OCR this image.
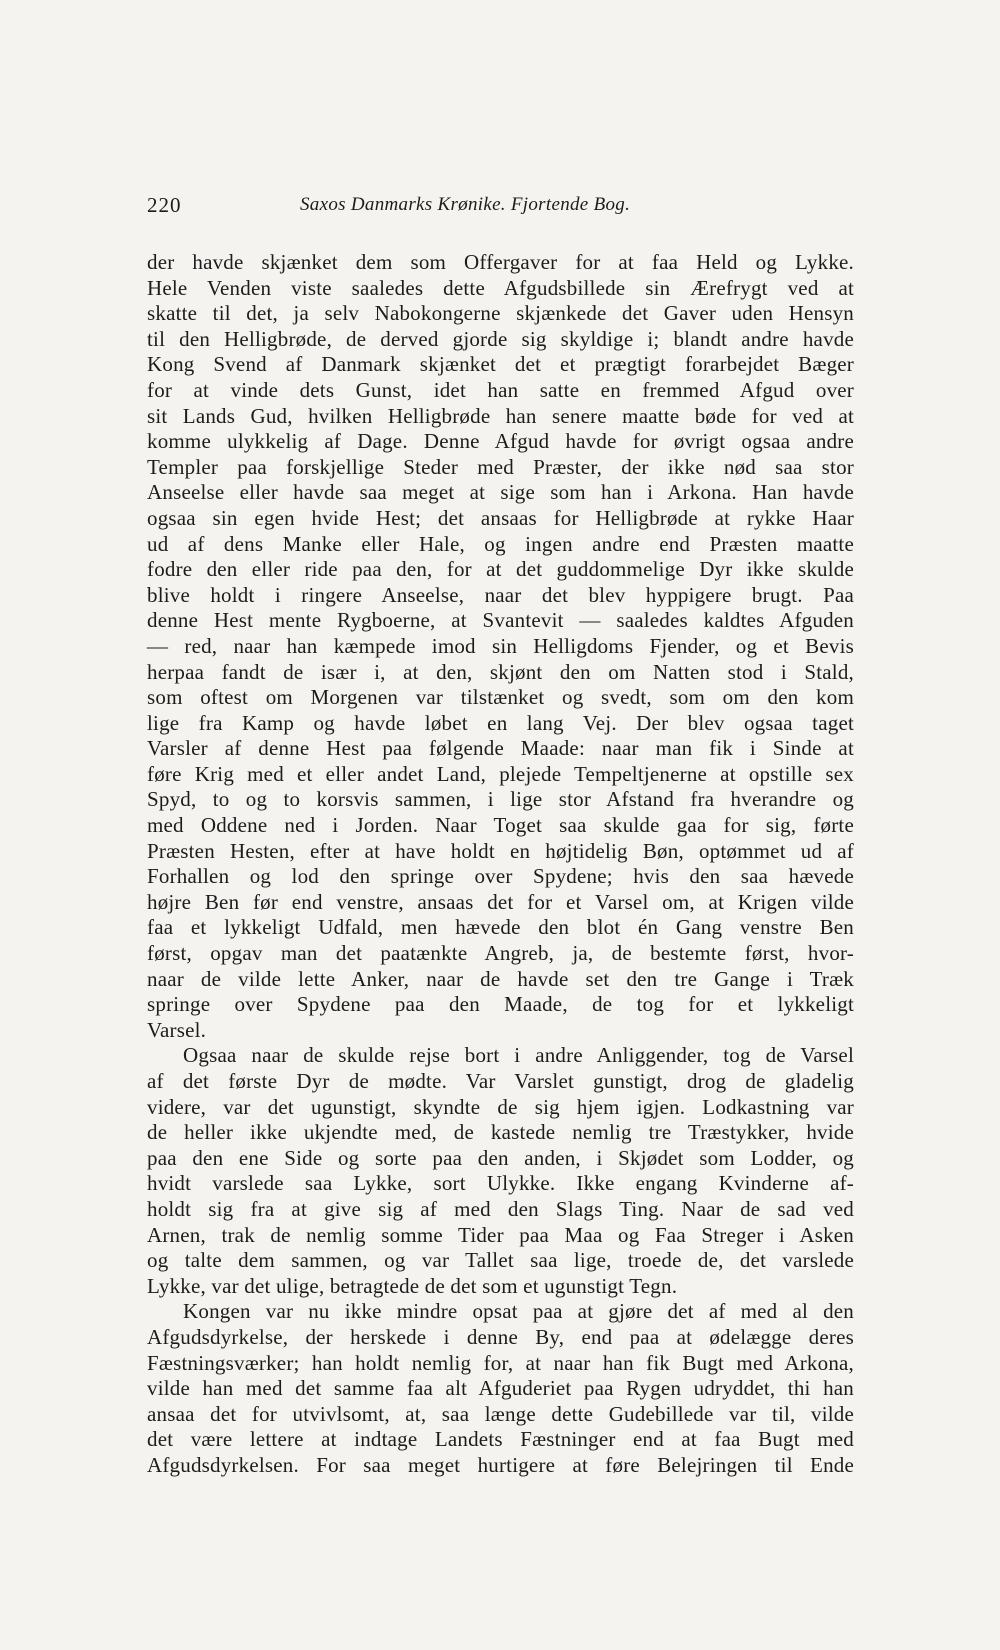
220	Saxos Danmarks Krønike. Fjortende Bog.
der havde skjænket dem som Offergaver for at faa Held og Lykke.
Hele Venden viste saaledes dette Afgudsbillede sin Ærefrygt ved at
skatte til det, ja selv Nabokongerne skjænkede det Gaver uden Hensyn
til den Helligbrøde, de derved gjorde sig skyldige i; blandt andre havde
Kong Svend af Danmark skjænket det et prægtigt forarbejdet Bæger
for at vinde dets Gunst, idet han satte en fremmed Afgud over
sit Lands Gud, hvilken Helligbrøde han senere maatte bøde for ved at
komme ulykkelig af Dage. Denne Afgud havde for øvrigt ogsaa andre
Templer paa forskjellige Steder med Præster, der ikke nød saa stor
Anseelse eller havde saa meget at sige som han i Arkona. Han havde
ogsaa sin egen hvide Hest; det ansaas for Helligbrøde at rykke Haar
ud af dens Manke eller Hale, og ingen andre end Præsten maatte
fodre den eller ride paa den, for at det guddommelige Dyr ikke skulde
blive holdt i ringere Anseelse, naar det blev hyppigere brugt. Paa
denne Hest mente Rygboerne, at Svantevit — saaledes kaldtes Afguden
— red, naar han kæmpede imod sin Helligdoms Fjender, og et Bevis
herpaa fandt de især i, at den, skjønt den om Natten stod i Stald,
som oftest om Morgenen var tilstænket og svedt, som om den kom
lige fra Kamp og havde løbet en lang Vej. Der blev ogsaa taget
Varsler af denne Hest paa følgende Maade: naar man fik i Sinde at
føre Krig med et eller andet Land, plejede Tempeltjenerne at opstille sex
Spyd, to og to korsvis sammen, i lige stor Afstand fra hverandre og
med Oddene ned i Jorden. Naar Toget saa skulde gaa for sig, førte
Præsten Hesten, efter at have holdt en højtidelig Bøn, optømmet ud af
Forhallen og lod den springe over Spydene; hvis den saa hævede
højre Ben før end venstre, ansaas det for et Varsel om, at Krigen vilde
faa et lykkeligt Udfald, men hævede den blot én Gang venstre Ben
først, opgav man det paatænkte Angreb, ja, de bestemte først, hvor-
naar de vilde lette Anker, naar de havde set den tre Gange i Træk
springe over Spydene paa den Maade, de tog for et lykkeligt
Varsel.
Ogsaa naar de skulde rejse bort i andre Anliggender, tog de Varsel
af det første Dyr de mødte. Var Varslet gunstigt, drog de gladelig
videre, var det ugunstigt, skyndte de sig hjem igjen. Lodkastning var
de heller ikke ukjendte med, de kastede nemlig tre Træstykker, hvide
paa den ene Side og sorte paa den anden, i Skjødet som Lodder, og
hvidt varslede saa Lykke, sort Ulykke. Ikke engang Kvinderne af-
holdt sig fra at give sig af med den Slags Ting. Naar de sad ved
Arnen, trak de nemlig somme Tider paa Maa og Faa Streger i Asken
og talte dem sammen, og var Tallet saa lige, troede de, det varslede
Lykke, var det ulige, betragtede de det som et ugunstigt Tegn.
Kongen var nu ikke mindre opsat paa at gjøre det af med al den
Afgudsdyrkelse, der herskede i denne By, end paa at ødelægge deres
Fæstningsværker; han holdt nemlig for, at naar han fik Bugt med Arkona,
vilde han med det samme faa alt Afguderiet paa Rygen udryddet, thi han
ansaa det for utvivlsomt, at, saa længe dette Gudebillede var til, vilde
det være lettere at indtage Landets Fæstninger end at faa Bugt med
Afgudsdyrkelsen. For saa meget hurtigere at føre Belejringen til Ende
